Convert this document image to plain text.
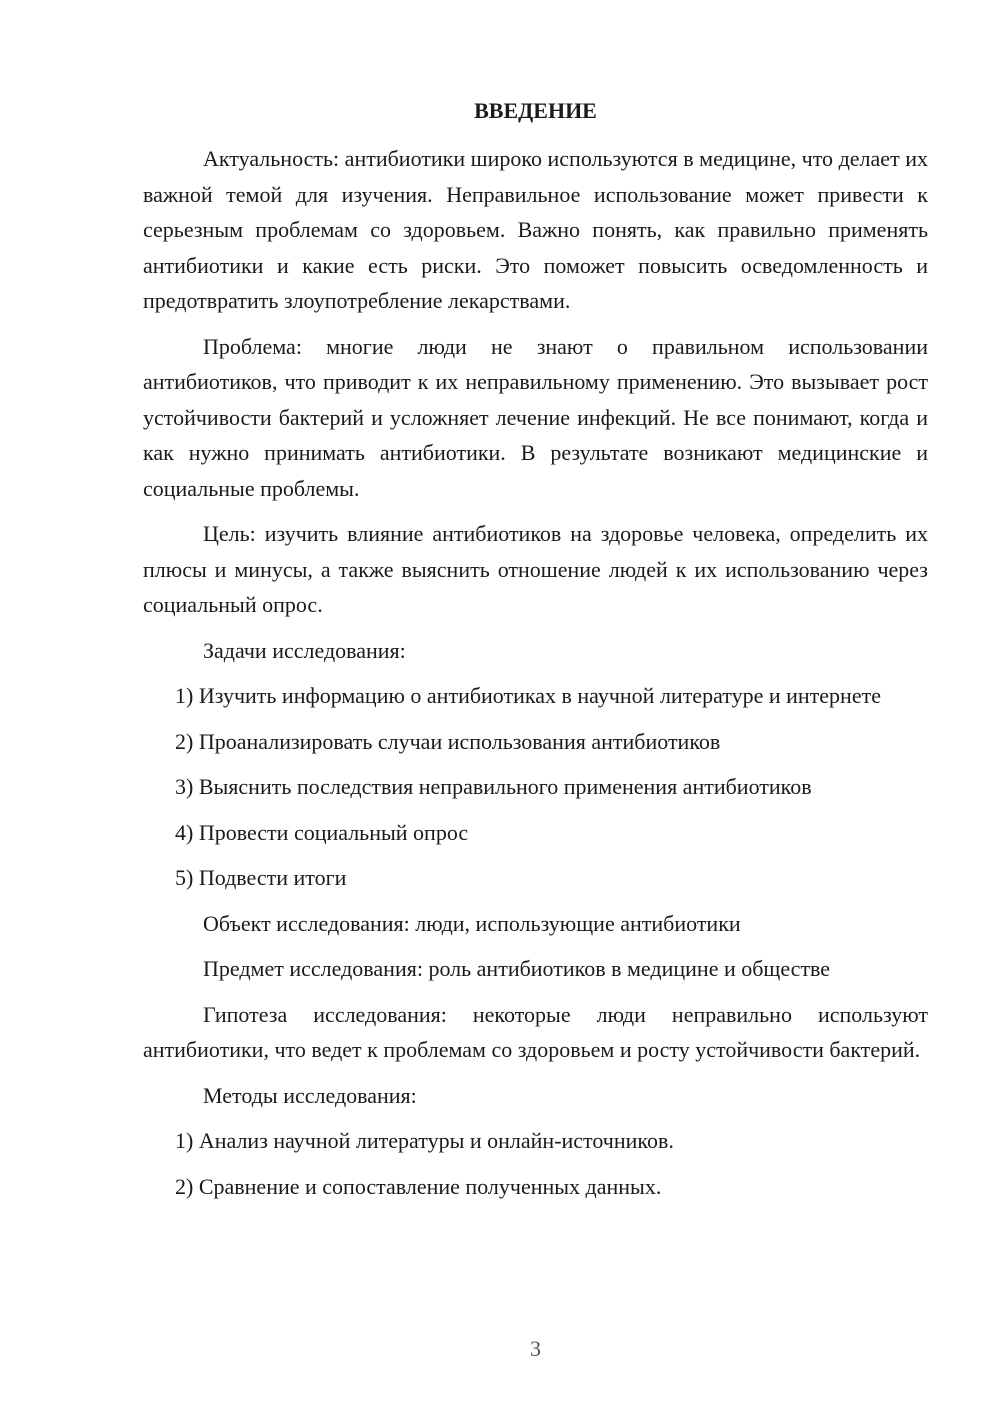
ВВЕДЕНИЕ

Актуальность: антибиотики широко используются в медицине, что делает их важной темой для изучения. Неправильное использование может привести к серьезным проблемам со здоровьем. Важно понять, как правильно применять антибиотики и какие есть риски. Это поможет повысить осведомленность и предотвратить злоупотребление лекарствами.

Проблема: многие люди не знают о правильном использовании антибиотиков, что приводит к их неправильному применению. Это вызывает рост устойчивости бактерий и усложняет лечение инфекций. Не все понимают, когда и как нужно принимать антибиотики. В результате возникают медицинские и социальные проблемы.

Цель: изучить влияние антибиотиков на здоровье человека, определить их плюсы и минусы, а также выяснить отношение людей к их использованию через социальный опрос.

Задачи исследования:

1) Изучить информацию о антибиотиках в научной литературе и интернете

2) Проанализировать случаи использования антибиотиков

3) Выяснить последствия неправильного применения антибиотиков

4) Провести социальный опрос

5) Подвести итоги

Объект исследования: люди, использующие антибиотики

Предмет исследования: роль антибиотиков в медицине и обществе

Гипотеза исследования: некоторые люди неправильно используют антибиотики, что ведет к проблемам со здоровьем и росту устойчивости бактерий.

Методы исследования:

1) Анализ научной литературы и онлайн-источников.

2) Сравнение и сопоставление полученных данных.

3
